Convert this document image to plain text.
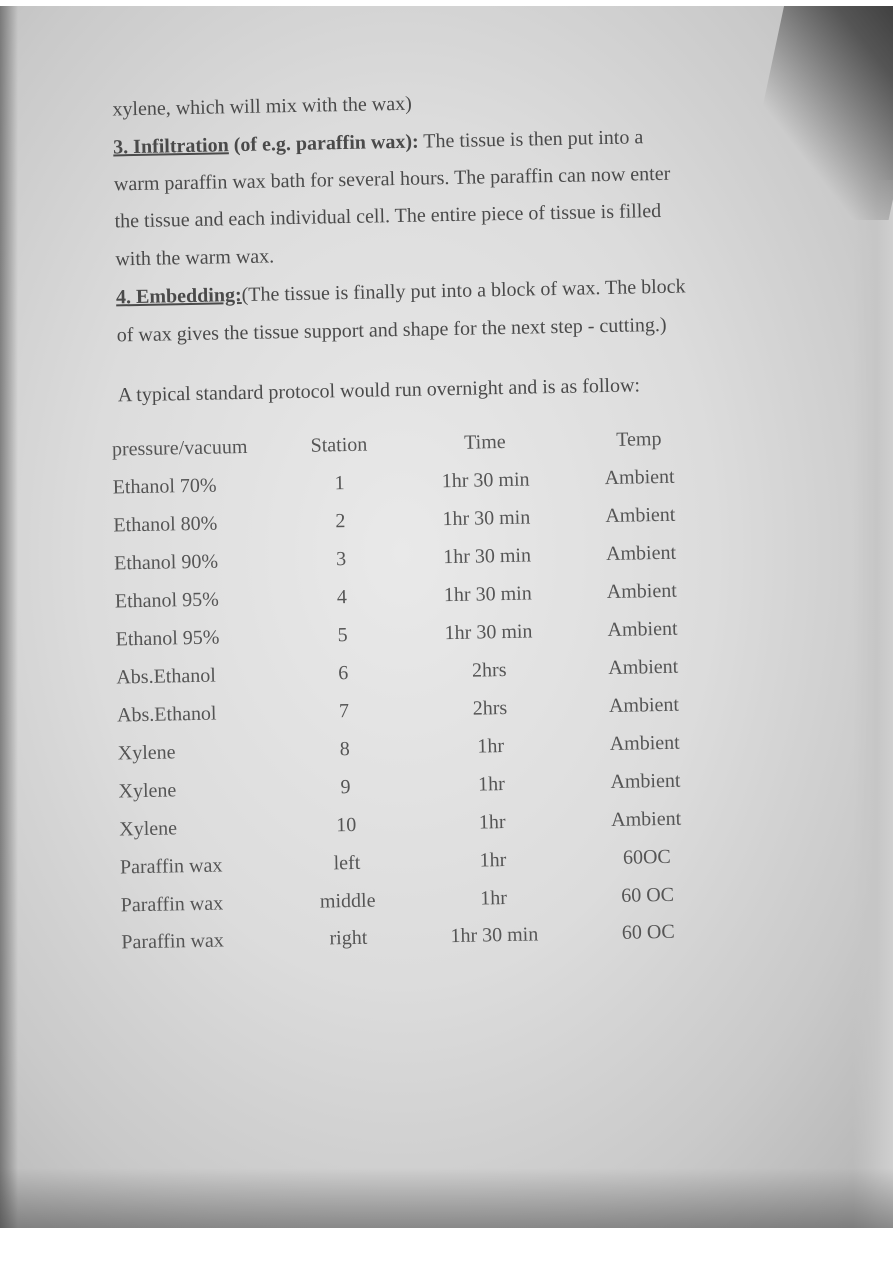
xylene, which will mix with the wax)
3. Infiltration (of e.g. paraffin wax): The tissue is then put into a
warm paraffin wax bath for several hours. The paraffin can now enter
the tissue and each individual cell. The entire piece of tissue is filled
with the warm wax.
4. Embedding:(The tissue is finally put into a block of wax. The block
of wax gives the tissue support and shape for the next step - cutting.)
A typical standard protocol would run overnight and is as follow:
pressure/vacuum	Station	Time	Temp
Ethanol 70%	1	1hr 30 min	Ambient
Ethanol 80%	2	1hr 30 min	Ambient
Ethanol 90%	3	1hr 30 min	Ambient
Ethanol 95%	4	1hr 30 min	Ambient
Ethanol 95%	5	1hr 30 min	Ambient
Abs.Ethanol	6	2hrs	Ambient
Abs.Ethanol	7	2hrs	Ambient
Xylene	8	1hr	Ambient
Xylene	9	1hr	Ambient
Xylene	10	1hr	Ambient
Paraffin wax	left	1hr	60OC
Paraffin wax	middle	1hr	60 OC
Paraffin wax	right	1hr 30 min	60 OC
